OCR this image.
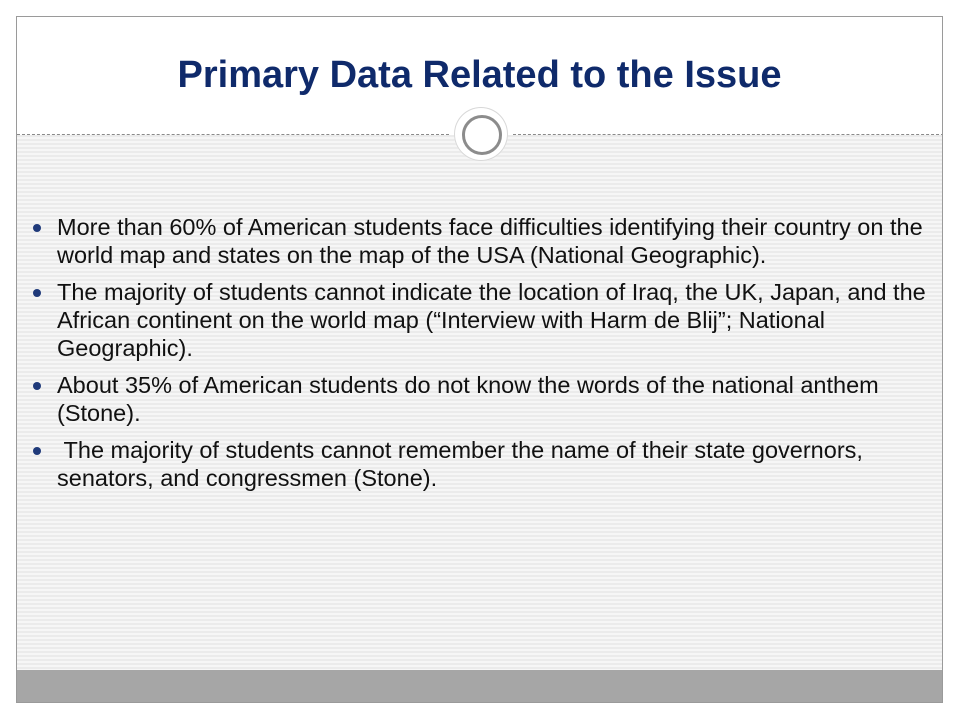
Primary Data Related to the Issue
More than 60% of American students face difficulties identifying their country on the world map and states on the map of the USA (National Geographic).
The majority of students cannot indicate the location of Iraq, the UK, Japan, and the African continent on the world map (“Interview with Harm de Blij”; National Geographic).
About 35% of American students do not know the words of the national anthem (Stone).
The majority of students cannot remember the name of their state governors, senators, and congressmen (Stone).
